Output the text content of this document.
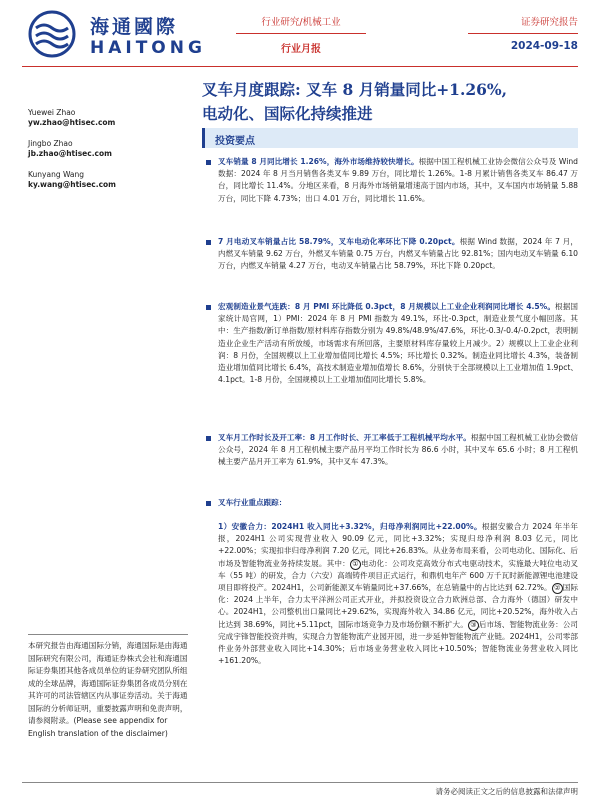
海通國際
HAITONG
行业研究/机械工业
行业月报
证券研究报告
2024-09-18
叉车月度跟踪: 叉车 8 月销量同比+1.26%,
电动化、国际化持续推进
Yuewei Zhao
yw.zhao@htisec.com
Jingbo Zhao
jb.zhao@htisec.com
Kunyang Wang
ky.wang@htisec.com
投资要点
叉车销量 8 月同比增长 1.26%，海外市场维持较快增长。根据中国工程机械工业协会微信公众号及 Wind 数据：2024 年 8 月当月销售各类叉车 9.89 万台，同比增长 1.26%。1-8 月累计销售各类叉车 86.47 万台，同比增长 11.4%。分地区来看，8 月海外市场销量增速高于国内市场，其中，叉车国内市场销量 5.88 万台，同比下降 4.73%；出口 4.01 万台，同比增长 11.6%。
7 月电动叉车销量占比 58.79%，叉车电动化率环比下降 0.20pct。根据 Wind 数据，2024 年 7 月，内燃叉车销量 9.62 万台，外燃叉车销量 0.75 万台，内燃叉车销量占比 92.81%；国内电动叉车销量 6.10 万台，内燃叉车销量 4.27 万台，电动叉车销量占比 58.79%，环比下降 0.20pct。
宏观制造业景气连跌：8 月 PMI 环比降低 0.3pct，8 月规模以上工业企业利润同比增长 4.5%。根据国家统计局官网，1）PMI：2024 年 8 月 PMI 指数为 49.1%，环比-0.3pct，制造业景气度小幅回落。其中：生产指数/新订单指数/原材料库存指数分别为 49.8%/48.9%/47.6%，环比-0.3/-0.4/-0.2pct，表明制造业企业生产活动有所放缓，市场需求有所回落，主要原材料库存量较上月减少。2）规模以上工业企业利润：8 月份，全国规模以上工业增加值同比增长 4.5%；环比增长 0.32%。制造业同比增长 4.3%，装备制造业增加值同比增长 6.4%，高技术制造业增加值增长 8.6%，分别快于全部规模以上工业增加值 1.9pct、4.1pct。1-8 月份，全国规模以上工业增加值同比增长 5.8%。
叉车月工作时长及开工率：8 月工作时长、开工率低于工程机械平均水平。根据中国工程机械工业协会微信公众号，2024 年 8 月工程机械主要产品月平均工作时长为 86.6 小时，其中叉车 65.6 小时；8 月工程机械主要产品月开工率为 61.9%，其中叉车 47.3%。
叉车行业重点跟踪：
1）安徽合力：2024H1 收入同比+3.32%，归母净利润同比+22.00%。根据安徽合力 2024 年半年报，2024H1 公司实现营业收入 90.09 亿元，同比+3.32%；实现归母净利润 8.03 亿元，同比+22.00%；实现扣非归母净利润 7.20 亿元，同比+26.83%。从业务布局来看，公司电动化、国际化、后市场及智能物流业务持续发展。其中： ① 电动化：公司攻克高效分布式电驱动技术，实施最大吨位电动叉车（55 吨）的研发，合力（六安）高端铸件项目正式运行，和鼎机电年产 600 万千瓦时新能源锂电池建设项目即将投产。2024H1，公司新能源叉车销量同比+37.66%，在总销量中的占比达到 62.72%。 ② 国际化：2024 上半年，合力太平洋洲公司正式开业，并拟投资设立合力欧洲总部、合力海外（德国）研发中心。2024H1，公司整机出口量同比+29.62%，实现海外收入 34.86 亿元，同比+20.52%，海外收入占比达到 38.69%，同比+5.11pct，国际市场竞争力及市场份额不断扩大。 ③ 后市场、智能物流业务：公司完成宇锋智能投资并购，实现合力智能物流产业园开园，进一步延伸智能物流产业链。2024H1，公司零部件业务外部营业收入同比+14.30%；后市场业务营业收入同比+10.50%；智能物流业务营业收入同比+161.20%。
本研究报告由海通国际分销，海通国际是由海通国际研究有限公司，海通证券株式会社和海通国际证券集团其他各成员单位的证券研究团队所组成的全球品牌，海通国际证券集团各成员分别在其许可的司法管辖区内从事证券活动。关于海通国际的分析师证明，重要披露声明和免责声明，请参阅附录。(Please see appendix for English translation of the disclaimer)
请务必阅读正文之后的信息披露和法律声明
